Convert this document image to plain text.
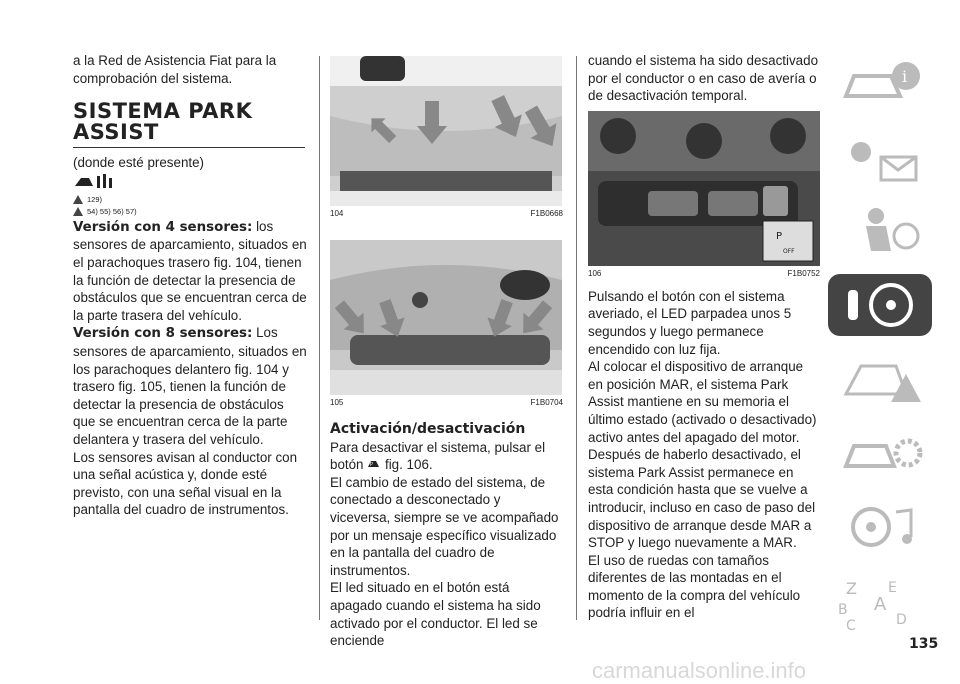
a la Red de Asistencia Fiat para la comprobación del sistema.

SISTEMA PARK
ASSIST

(donde esté presente)

129)
54) 55) 56) 57)

Versión con 4 sensores: los sensores de aparcamiento, situados en el parachoques trasero fig. 104, tienen la función de detectar la presencia de obstáculos que se encuentran cerca de la parte trasera del vehículo.

Versión con 8 sensores: Los sensores de aparcamiento, situados en los parachoques delantero fig. 104 y trasero fig. 105, tienen la función de detectar la presencia de obstáculos que se encuentran cerca de la parte delantera y trasera del vehículo.

Los sensores avisan al conductor con una señal acústica y, donde esté previsto, con una señal visual en la pantalla del cuadro de instrumentos.

104	F1B0668
105	F1B0704
Activación/desactivación

Para desactivar el sistema, pulsar el botón P fig. 106.

El cambio de estado del sistema, de conectado a desconectado y viceversa, siempre se ve acompañado por un mensaje específico visualizado en la pantalla del cuadro de instrumentos.

El led situado en el botón está apagado cuando el sistema ha sido activado por el conductor. El led se enciende

cuando el sistema ha sido desactivado por el conductor o en caso de avería o de desactivación temporal.

P
OFF
106	F1B0752

Pulsando el botón con el sistema averiado, el LED parpadea unos 5 segundos y luego permanece encendido con luz fija.

Al colocar el dispositivo de arranque en posición MAR, el sistema Park Assist mantiene en su memoria el último estado (activado o desactivado) activo antes del apagado del motor.

Después de haberlo desactivado, el sistema Park Assist permanece en esta condición hasta que se vuelve a introducir, incluso en caso de paso del dispositivo de arranque desde MAR a STOP y luego nuevamente a MAR.

El uso de ruedas con tamaños diferentes de las montadas en el momento de la compra del vehículo podría influir en el

i
Z E
B A
C	D
135
carmanualsonline.info
